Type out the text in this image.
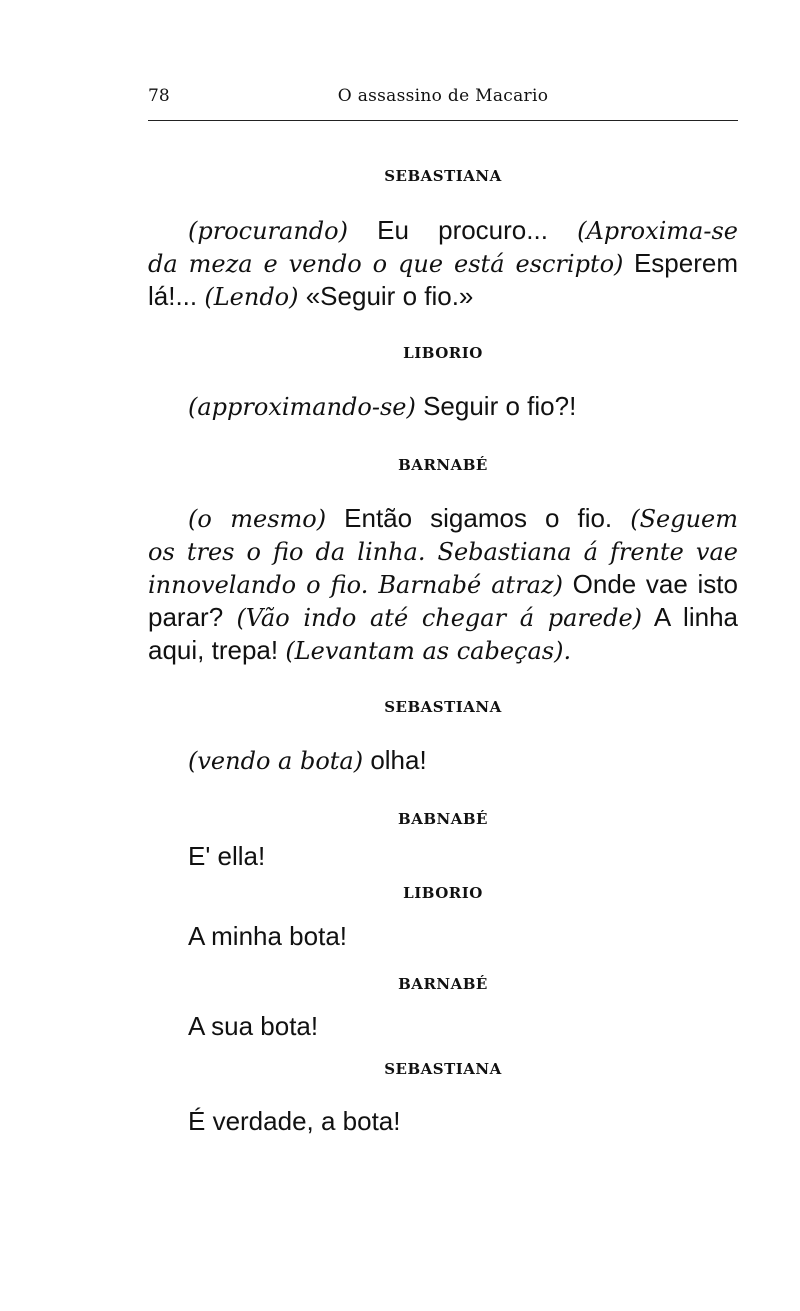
78	O assassino de Macario
SEBASTIANA
(procurando) Eu procuro... (Aproxima-se
da meza e vendo o que está escripto) Esperem
lá!... (Lendo) «Seguir o fio.»
LIBORIO
(approximando-se) Seguir o fio?!
BARNABÉ
(o mesmo) Então sigamos o fio. (Seguem
os tres o fio da linha. Sebastiana á frente vae
innovelando o fio. Barnabé atraz) Onde vae isto
parar? (Vão indo até chegar á parede) A linha
aqui, trepa! (Levantam as cabeças).
SEBASTIANA
(vendo a bota) olha!
BABNABÉ
E' ella!
LIBORIO
A minha bota!
BARNABÉ
A sua bota!
SEBASTIANA
É verdade, a bota!
